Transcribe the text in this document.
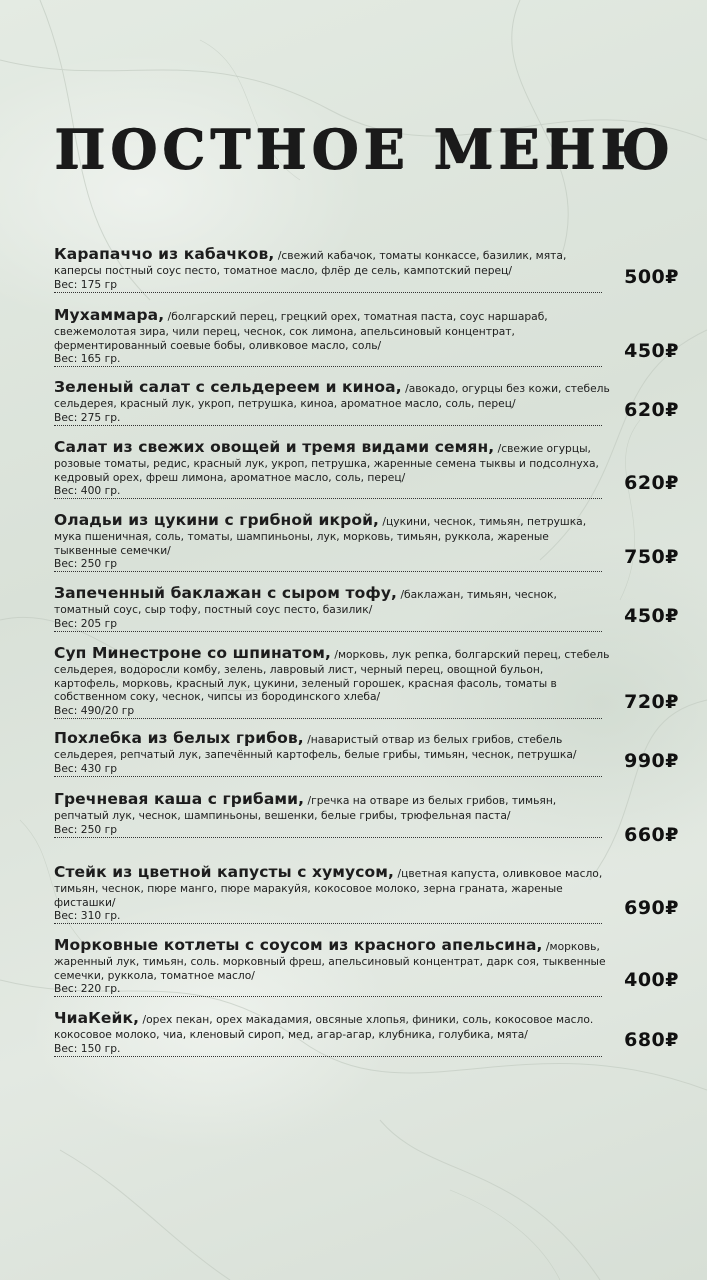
ПОСТНОЕ МЕНЮ
Карапаччо из кабачков, /свежий кабачок, томаты конкассе, базилик, мята, каперсы постный соус песто, томатное масло, флёр де сель, кампотский перец/
Вес: 175 гр	500₽
Мухаммара, /болгарский перец, грецкий орех, томатная паста, соус наршараб, свежемолотая зира, чили перец, чеснок, сок лимона, апельсиновый концентрат, ферментированный соевые бобы, оливковое масло, соль/
Вес: 165 гр.	450₽
Зеленый салат с сельдереем и киноа, /авокадо, огурцы без кожи, стебель сельдерея, красный лук, укроп, петрушка, киноа, ароматное масло, соль, перец/
Вес: 275 гр.	620₽
Салат из свежих овощей и тремя видами семян, /свежие огурцы, розовые томаты, редис, красный лук, укроп, петрушка, жаренные семена тыквы и подсолнуха, кедровый орех, фреш лимона, ароматное масло, соль, перец/
Вес: 400 гр.	620₽
Оладьи из цукини с грибной икрой, /цукини, чеснок, тимьян, петрушка, мука пшеничная, соль, томаты, шампиньоны, лук, морковь, тимьян, руккола, жареные тыквенные семечки/
Вес: 250 гр	750₽
Запеченный баклажан с сыром тофу, /баклажан, тимьян, чеснок, томатный соус, сыр тофу, постный соус песто, базилик/
Вес: 205 гр	450₽
Суп Минестроне со шпинатом, /морковь, лук репка, болгарский перец, стебель сельдерея, водоросли комбу, зелень, лавровый лист, черный перец, овощной бульон, картофель, морковь, красный лук, цукини, зеленый горошек, красная фасоль, томаты в собственном соку, чеснок, чипсы из бородинского хлеба/
Вес: 490/20 гр	720₽
Похлебка из белых грибов, /наваристый отвар из белых грибов, стебель сельдерея, репчатый лук, запечённый картофель, белые грибы, тимьян, чеснок, петрушка/
Вес: 430 гр	990₽
Гречневая каша с грибами, /гречка на отваре из белых грибов, тимьян, репчатый лук, чеснок, шампиньоны, вешенки, белые грибы, трюфельная паста/
Вес: 250 гр	660₽
Стейк из цветной капусты с хумусом, /цветная капуста, оливковое масло, тимьян, чеснок, пюре манго, пюре маракуйя, кокосовое молоко, зерна граната, жареные фисташки/
Вес: 310 гр.	690₽
Морковные котлеты с соусом из красного апельсина, /морковь, жаренный лук, тимьян, соль. морковный фреш, апельсиновый концентрат, дарк соя, тыквенные семечки, руккола, томатное масло/
Вес: 220 гр.	400₽
ЧиаКейк, /орех пекан, орех макадамия, овсяные хлопья, финики, соль, кокосовое масло. кокосовое молоко, чиа, кленовый сироп, мед, агар-агар, клубника, голубика, мята/
Вес: 150 гр.	680₽
